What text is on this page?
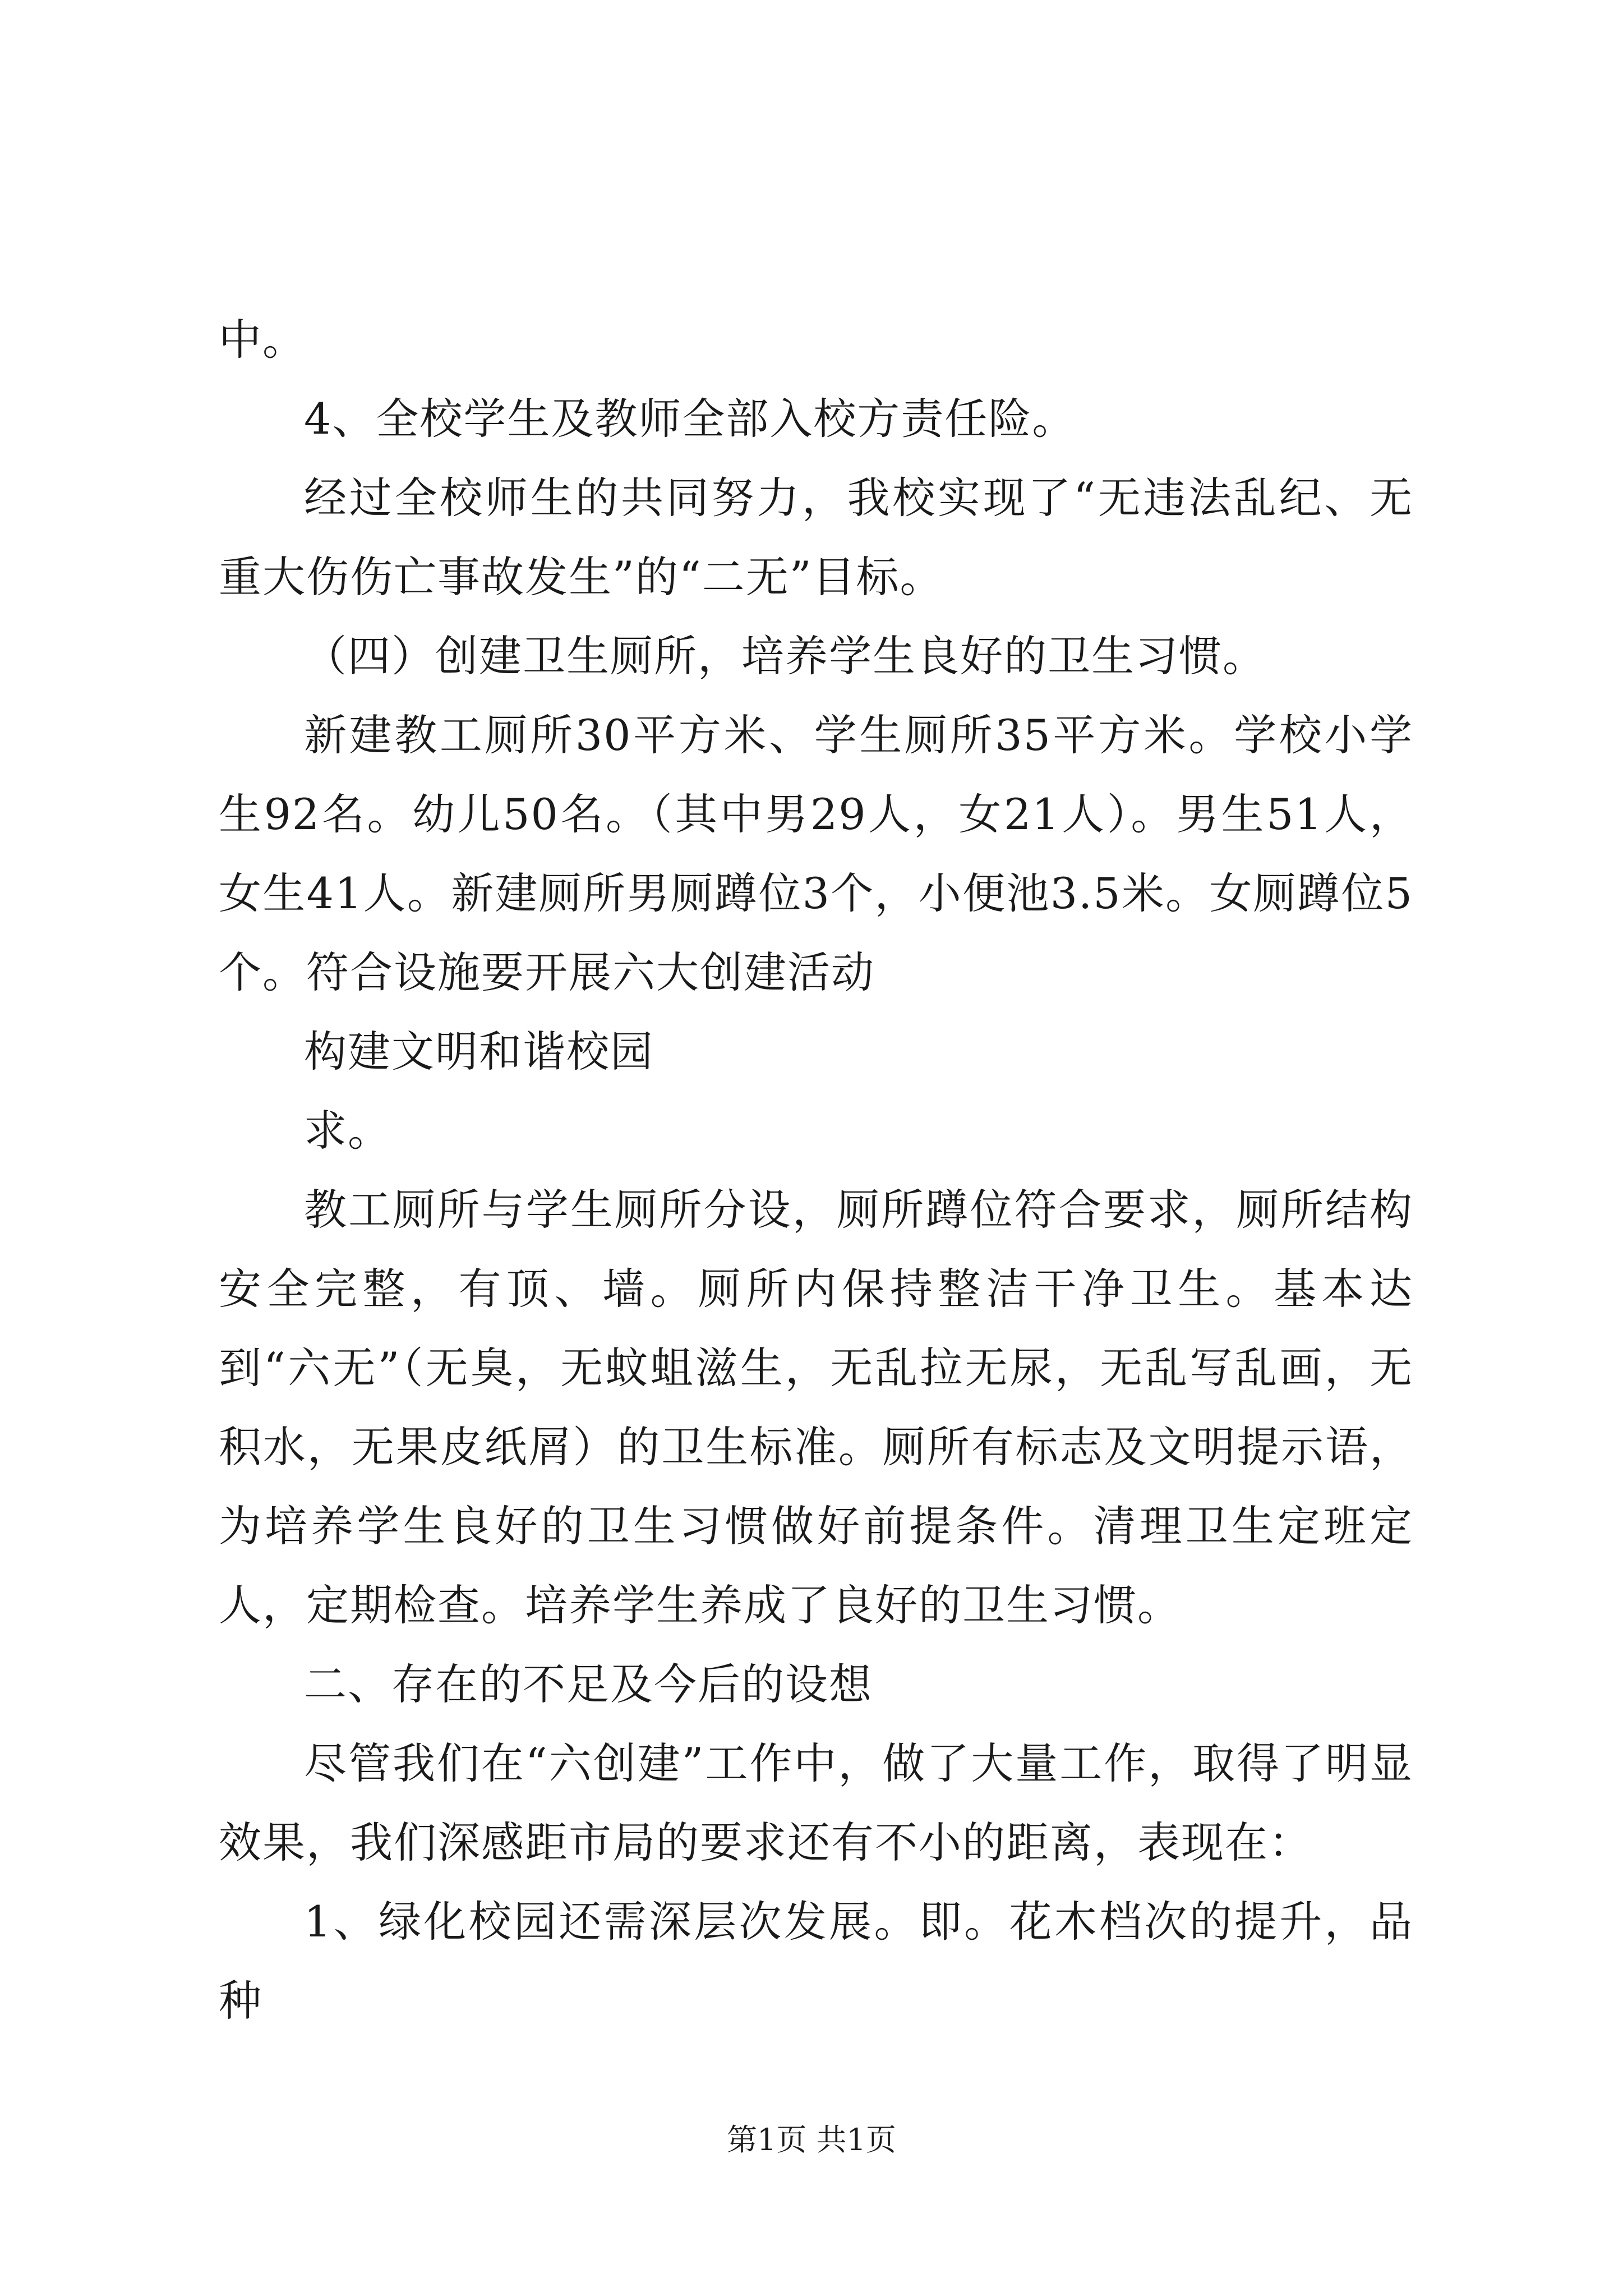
中。

4、全校学生及教师全部入校方责任险。

经过全校师生的共同努力，我校实现了“无违法乱纪、无重大伤伤亡事故发生”的“二无”目标。

（四）创建卫生厕所，培养学生良好的卫生习惯。

新建教工厕所30平方米、学生厕所35平方米。学校小学生92名。幼儿50名。（其中男29人，女21人）。男生51人，女生41人。新建厕所男厕蹲位3个，小便池3.5米。女厕蹲位5个。符合设施要开展六大创建活动

构建文明和谐校园

求。

教工厕所与学生厕所分设，厕所蹲位符合要求，厕所结构安全完整，有顶、墙。厕所内保持整洁干净卫生。基本达到“六无”（无臭，无蚊蛆滋生，无乱拉无尿，无乱写乱画，无积水，无果皮纸屑）的卫生标准。厕所有标志及文明提示语，为培养学生良好的卫生习惯做好前提条件。清理卫生定班定人，定期检查。培养学生养成了良好的卫生习惯。

二、存在的不足及今后的设想

尽管我们在“六创建”工作中，做了大量工作，取得了明显效果，我们深感距市局的要求还有不小的距离，表现在：

1、绿化校园还需深层次发展。即。花木档次的提升，品种

第1页 共1页
